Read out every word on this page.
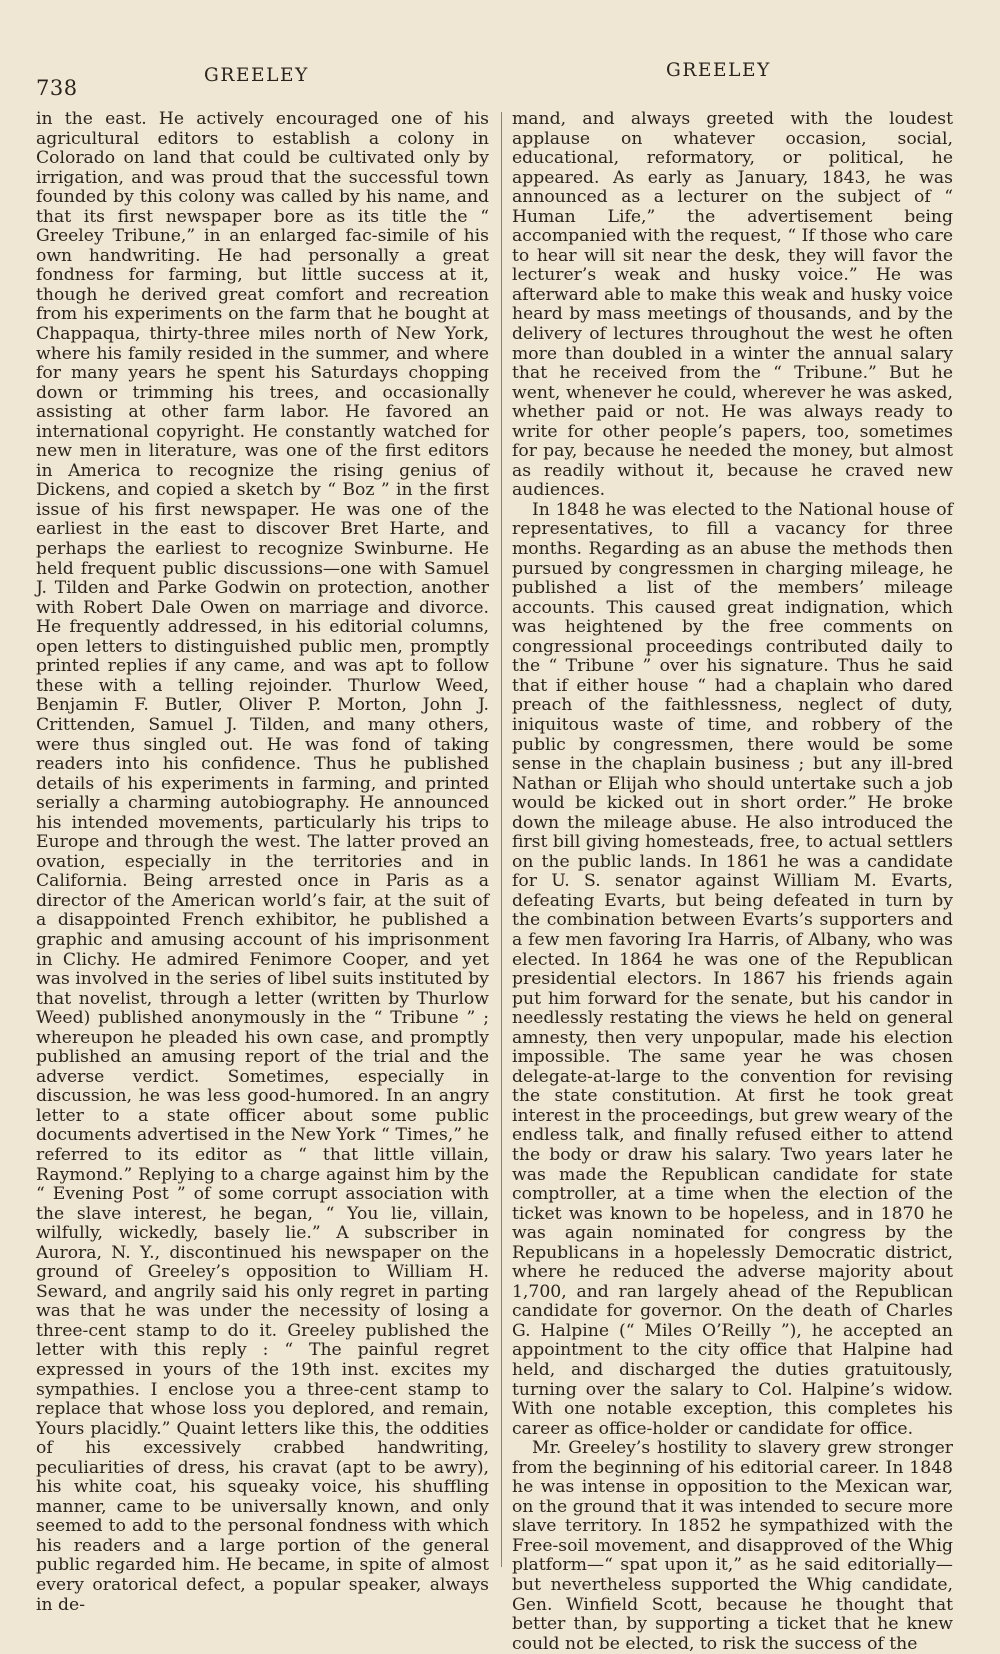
738
GREELEY	GREELEY

in the east. He actively encouraged one of his agricultural editors to establish a colony in Colorado on land that could be cultivated only by irrigation, and was proud that the successful town founded by this colony was called by his name, and that its first newspaper bore as its title the “ Greeley Tribune,” in an enlarged fac-simile of his own handwriting. He had personally a great fondness for farming, but little success at it, though he derived great comfort and recreation from his experiments on the farm that he bought at Chappaqua, thirty-three miles north of New York, where his family resided in the summer, and where for many years he spent his Saturdays chopping down or trimming his trees, and occasionally assisting at other farm labor. He favored an international copyright. He constantly watched for new men in literature, was one of the first editors in America to recognize the rising genius of Dickens, and copied a sketch by “ Boz ” in the first issue of his first newspaper. He was one of the earliest in the east to discover Bret Harte, and perhaps the earliest to recognize Swinburne. He held frequent public discussions—one with Samuel J. Tilden and Parke Godwin on protection, another with Robert Dale Owen on marriage and divorce. He frequently addressed, in his editorial columns, open letters to distinguished public men, promptly printed replies if any came, and was apt to follow these with a telling rejoinder. Thurlow Weed, Benjamin F. Butler, Oliver P. Morton, John J. Crittenden, Samuel J. Tilden, and many others, were thus singled out. He was fond of taking readers into his confidence. Thus he published details of his experiments in farming, and printed serially a charming autobiography. He announced his intended movements, particularly his trips to Europe and through the west. The latter proved an ovation, especially in the territories and in California. Being arrested once in Paris as a director of the American world’s fair, at the suit of a disappointed French exhibitor, he published a graphic and amusing account of his imprisonment in Clichy. He admired Fenimore Cooper, and yet was involved in the series of libel suits instituted by that novelist, through a letter (written by Thurlow Weed) published anonymously in the “ Tribune ” ; whereupon he pleaded his own case, and promptly published an amusing report of the trial and the adverse verdict. Sometimes, especially in discussion, he was less good-humored. In an angry letter to a state officer about some public documents advertised in the New York “ Times,” he referred to its editor as “ that little villain, Raymond.” Replying to a charge against him by the “ Evening Post ” of some corrupt association with the slave interest, he began, “ You lie, villain, wilfully, wickedly, basely lie.” A subscriber in Aurora, N. Y., discontinued his newspaper on the ground of Greeley’s opposition to William H. Seward, and angrily said his only regret in parting was that he was under the necessity of losing a three-cent stamp to do it. Greeley published the letter with this reply : “ The painful regret expressed in yours of the 19th inst. excites my sympathies. I enclose you a three-cent stamp to replace that whose loss you deplored, and remain, Yours placidly.” Quaint letters like this, the oddities of his excessively crabbed handwriting, peculiarities of dress, his cravat (apt to be awry), his white coat, his squeaky voice, his shuffling manner, came to be universally known, and only seemed to add to the personal fondness with which his readers and a large portion of the general public regarded him. He became, in spite of almost every oratorical defect, a popular speaker, always in de-

mand, and always greeted with the loudest applause on whatever occasion, social, educational, reformatory, or political, he appeared. As early as January, 1843, he was announced as a lecturer on the subject of “ Human Life,” the advertisement being accompanied with the request, “ If those who care to hear will sit near the desk, they will favor the lecturer’s weak and husky voice.” He was afterward able to make this weak and husky voice heard by mass meetings of thousands, and by the delivery of lectures throughout the west he often more than doubled in a winter the annual salary that he received from the “ Tribune.” But he went, whenever he could, wherever he was asked, whether paid or not. He was always ready to write for other people’s papers, too, sometimes for pay, because he needed the money, but almost as readily without it, because he craved new audiences.

In 1848 he was elected to the National house of representatives, to fill a vacancy for three months. Regarding as an abuse the methods then pursued by congressmen in charging mileage, he published a list of the members’ mileage accounts. This caused great indignation, which was heightened by the free comments on congressional proceedings contributed daily to the “ Tribune ” over his signature. Thus he said that if either house “ had a chaplain who dared preach of the faithlessness, neglect of duty, iniquitous waste of time, and robbery of the public by congressmen, there would be some sense in the chaplain business ; but any ill-bred Nathan or Elijah who should untertake such a job would be kicked out in short order.” He broke down the mileage abuse. He also introduced the first bill giving homesteads, free, to actual settlers on the public lands. In 1861 he was a candidate for U. S. senator against William M. Evarts, defeating Evarts, but being defeated in turn by the combination between Evarts’s supporters and a few men favoring Ira Harris, of Albany, who was elected. In 1864 he was one of the Republican presidential electors. In 1867 his friends again put him forward for the senate, but his candor in needlessly restating the views he held on general amnesty, then very unpopular, made his election impossible. The same year he was chosen delegate-at-large to the convention for revising the state constitution. At first he took great interest in the proceedings, but grew weary of the endless talk, and finally refused either to attend the body or draw his salary. Two years later he was made the Republican candidate for state comptroller, at a time when the election of the ticket was known to be hopeless, and in 1870 he was again nominated for congress by the Republicans in a hopelessly Democratic district, where he reduced the adverse majority about 1,700, and ran largely ahead of the Republican candidate for governor. On the death of Charles G. Halpine (“ Miles O’Reilly ”), he accepted an appointment to the city office that Halpine had held, and discharged the duties gratuitously, turning over the salary to Col. Halpine’s widow. With one notable exception, this completes his career as office-holder or candidate for office.

Mr. Greeley’s hostility to slavery grew stronger from the beginning of his editorial career. In 1848 he was intense in opposition to the Mexican war, on the ground that it was intended to secure more slave territory. In 1852 he sympathized with the Free-soil movement, and disapproved of the Whig platform—“ spat upon it,” as he said editorially—but nevertheless supported the Whig candidate, Gen. Winfield Scott, because he thought that better than, by supporting a ticket that he knew could not be elected, to risk the success of the
